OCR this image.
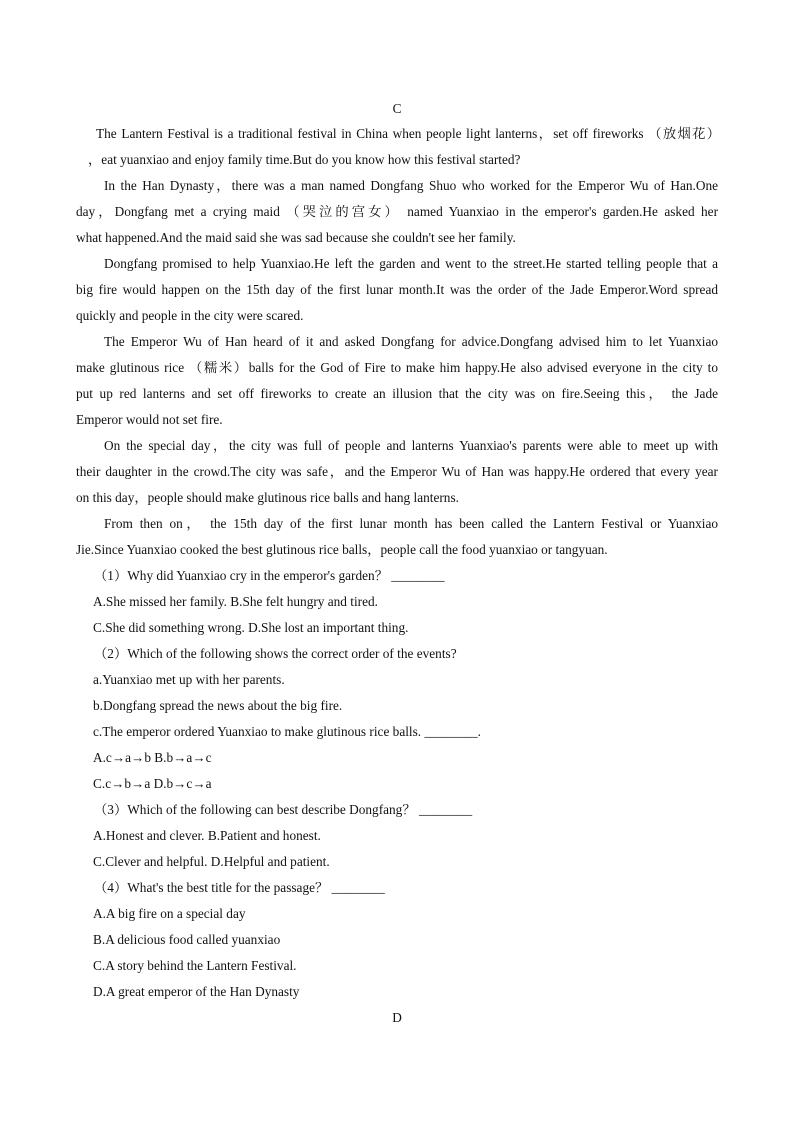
C
The Lantern Festival is a traditional festival in China when people light lanterns，set off fireworks （放烟花）
，eat yuanxiao and enjoy family time.But do you know how this festival started?
In the Han Dynasty，there was a man named Dongfang Shuo who worked for the Emperor Wu of Han.One
day，Dongfang met a crying maid （哭泣的宫女） named Yuanxiao in the emperor's garden.He asked her
what happened.And the maid said she was sad because she couldn't see her family.
Dongfang promised to help Yuanxiao.He left the garden and went to the street.He started telling people that a
big fire would happen on the 15th day of the first lunar month.It was the order of the Jade Emperor.Word spread
quickly and people in the city were scared.
The Emperor Wu of Han heard of it and asked Dongfang for advice.Dongfang advised him to let Yuanxiao
make glutinous rice （糯米）balls for the God of Fire to make him happy.He also advised everyone in the city to
put up red lanterns and set off fireworks to create an illusion that the city was on fire.Seeing this， the Jade
Emperor would not set fire.
On the special day，the city was full of people and lanterns Yuanxiao's parents were able to meet up with
their daughter in the crowd.The city was safe，and the Emperor Wu of Han was happy.He ordered that every year
on this day，people should make glutinous rice balls and hang lanterns.
From then on， the 15th day of the first lunar month has been called the Lantern Festival or Yuanxiao
Jie.Since Yuanxiao cooked the best glutinous rice balls，people call the food yuanxiao or tangyuan.
（1）Why did Yuanxiao cry in the emperor's garden？ ________
A.She missed her family. B.She felt hungry and tired.
C.She did something wrong. D.She lost an important thing.
（2）Which of the following shows the correct order of the events?
a.Yuanxiao met up with her parents.
b.Dongfang spread the news about the big fire.
c.The emperor ordered Yuanxiao to make glutinous rice balls. ________.
A.c→a→b B.b→a→c
C.c→b→a D.b→c→a
（3）Which of the following can best describe Dongfang？ ________
A.Honest and clever. B.Patient and honest.
C.Clever and helpful. D.Helpful and patient.
（4）What's the best title for the passage？ ________
A.A big fire on a special day
B.A delicious food called yuanxiao
C.A story behind the Lantern Festival.
D.A great emperor of the Han Dynasty
D
